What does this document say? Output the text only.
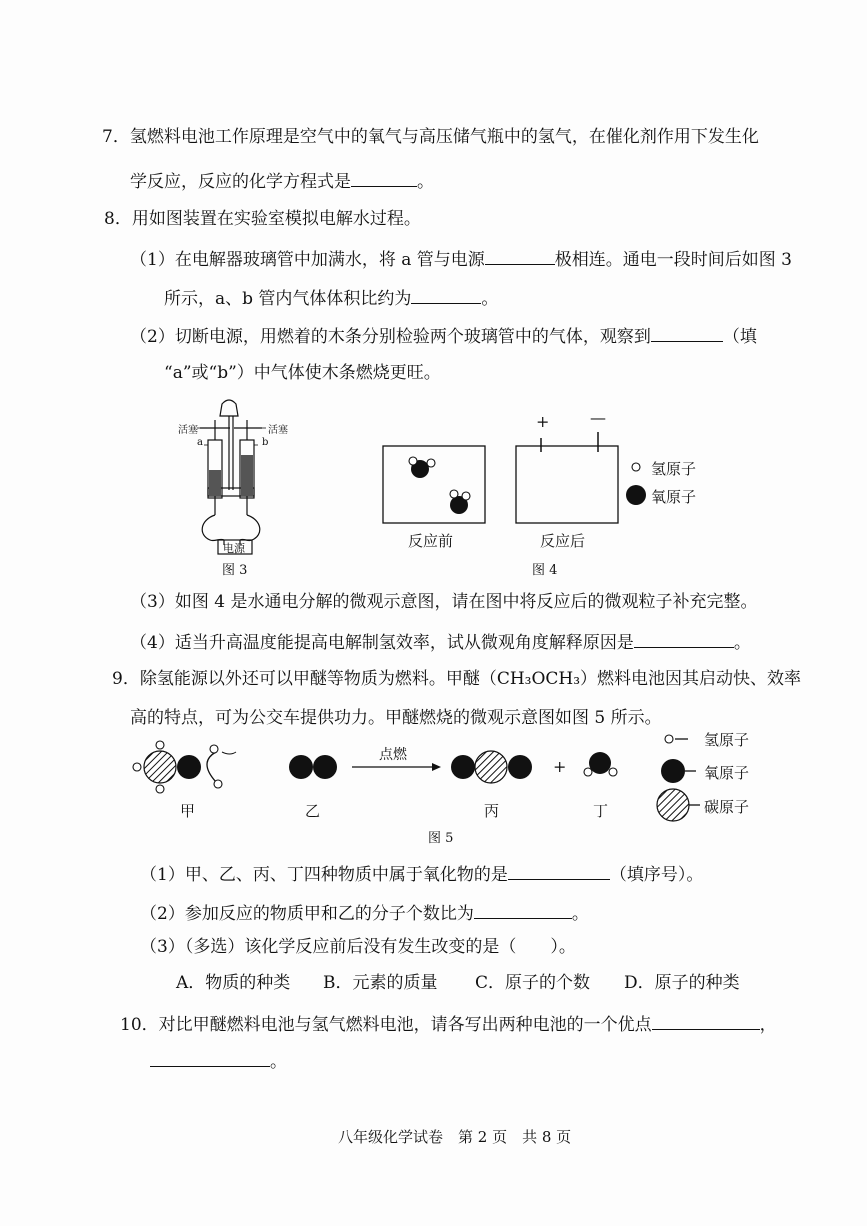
7．氢燃料电池工作原理是空气中的氧气与高压储气瓶中的氢气，在催化剂作用下发生化
学反应，反应的化学方程式是	。
8．用如图装置在实验室模拟电解水过程。
（1）在电解器玻璃管中加满水，将 a 管与电源	极相连。通电一段时间后如图 3
所示，a、b 管内气体体积比约为	。
（2）切断电源，用燃着的木条分别检验两个玻璃管中的气体，观察到	（填
“a”或“b”）中气体使木条燃烧更旺。
活塞	活塞
a	b
电源
图 3
+	—
氢原子
氧原子
反应前	反应后
图 4
（3）如图 4 是水通电分解的微观示意图，请在图中将反应后的微观粒子补充完整。
（4）适当升高温度能提高电解制氢效率，试从微观角度解释原因是	。
9．除氢能源以外还可以甲醚等物质为燃料。甲醚（CH₃OCH₃）燃料电池因其启动快、效率
高的特点，可为公交车提供功力。甲醚燃烧的微观示意图如图 5 所示。
点燃
+
氢原子
氧原子
碳原子
甲	乙	丙	丁
图 5
（1）甲、乙、丙、丁四种物质中属于氧化物的是	（填序号）。
（2）参加反应的物质甲和乙的分子个数比为	。
（3）（多选）该化学反应前后没有发生改变的是（　　）。
A．物质的种类 B．元素的质量 C．原子的个数 D．原子的种类
10．对比甲醚燃料电池与氢气燃料电池，请各写出两种电池的一个优点	，
。
八年级化学试卷　第 2 页　共 8 页
